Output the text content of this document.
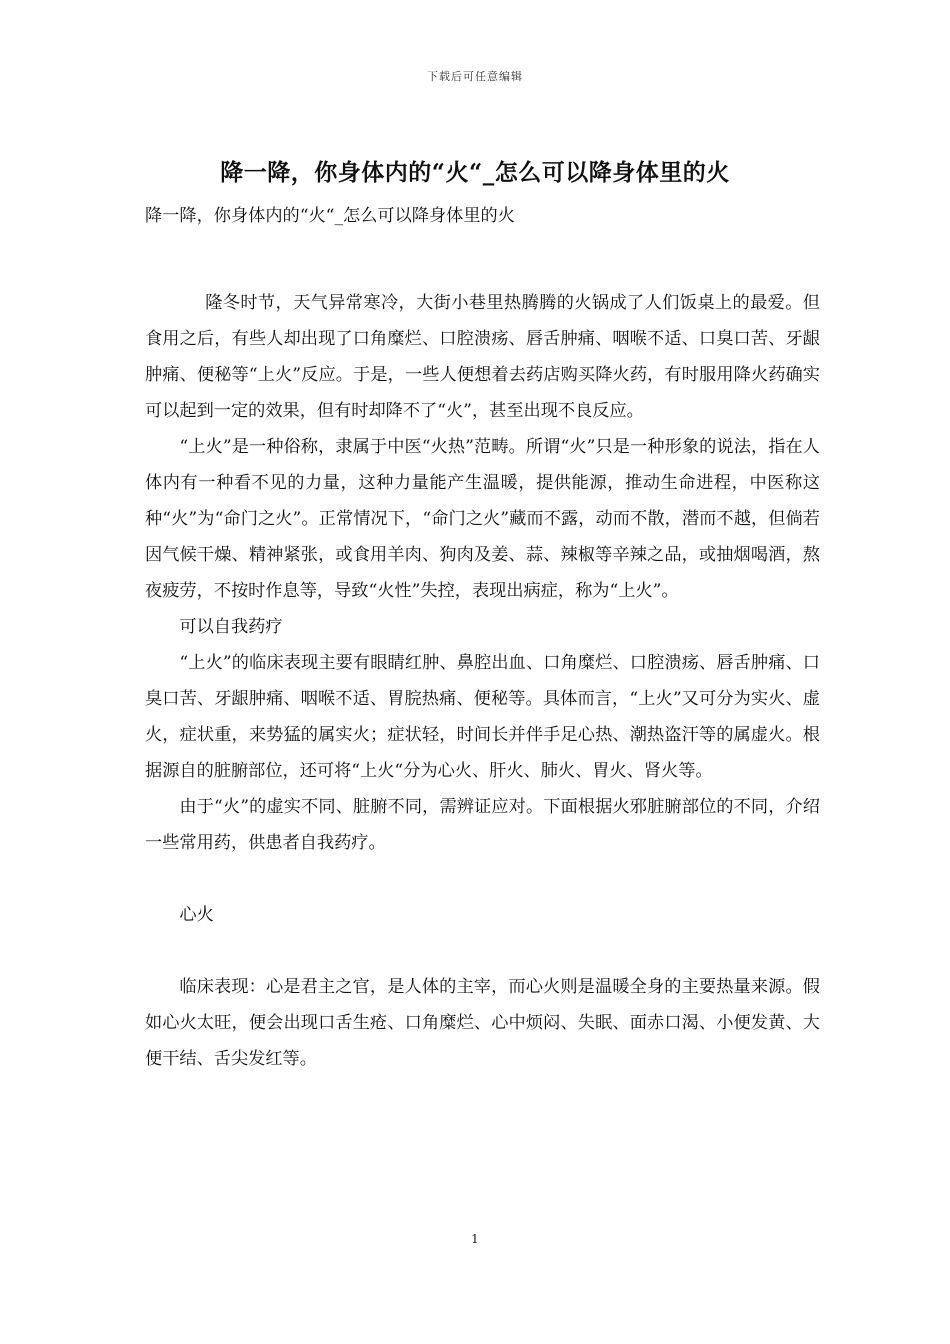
下载后可任意编辑
降一降，你身体内的“火“_怎么可以降身体里的火

降一降，你身体内的“火“_怎么可以降身体里的火

隆冬时节，天气异常寒冷，大街小巷里热腾腾的火锅成了人们饭桌上的最爱。但食用之后，有些人却出现了口角糜烂、口腔溃疡、唇舌肿痛、咽喉不适、口臭口苦、牙龈肿痛、便秘等“上火”反应。于是，一些人便想着去药店购买降火药，有时服用降火药确实可以起到一定的效果，但有时却降不了“火”，甚至出现不良反应。

“上火”是一种俗称，隶属于中医“火热”范畴。所谓“火”只是一种形象的说法，指在人体内有一种看不见的力量，这种力量能产生温暖，提供能源，推动生命进程，中医称这种“火”为“命门之火”。正常情况下，“命门之火”藏而不露，动而不散，潜而不越，但倘若因气候干燥、精神紧张，或食用羊肉、狗肉及姜、蒜、辣椒等辛辣之品，或抽烟喝酒，熬夜疲劳，不按时作息等，导致“火性”失控，表现出病症，称为“上火”。

可以自我药疗

“上火”的临床表现主要有眼睛红肿、鼻腔出血、口角糜烂、口腔溃疡、唇舌肿痛、口臭口苦、牙龈肿痛、咽喉不适、胃脘热痛、便秘等。具体而言，“上火”又可分为实火、虚火，症状重，来势猛的属实火；症状轻，时间长并伴手足心热、潮热盗汗等的属虚火。根据源自的脏腑部位，还可将“上火“分为心火、肝火、肺火、胃火、肾火等。

由于“火”的虚实不同、脏腑不同，需辨证应对。下面根据火邪脏腑部位的不同，介绍一些常用药，供患者自我药疗。

心火

临床表现：心是君主之官，是人体的主宰，而心火则是温暖全身的主要热量来源。假如心火太旺，便会出现口舌生疮、口角糜烂、心中烦闷、失眠、面赤口渴、小便发黄、大便干结、舌尖发红等。

1
